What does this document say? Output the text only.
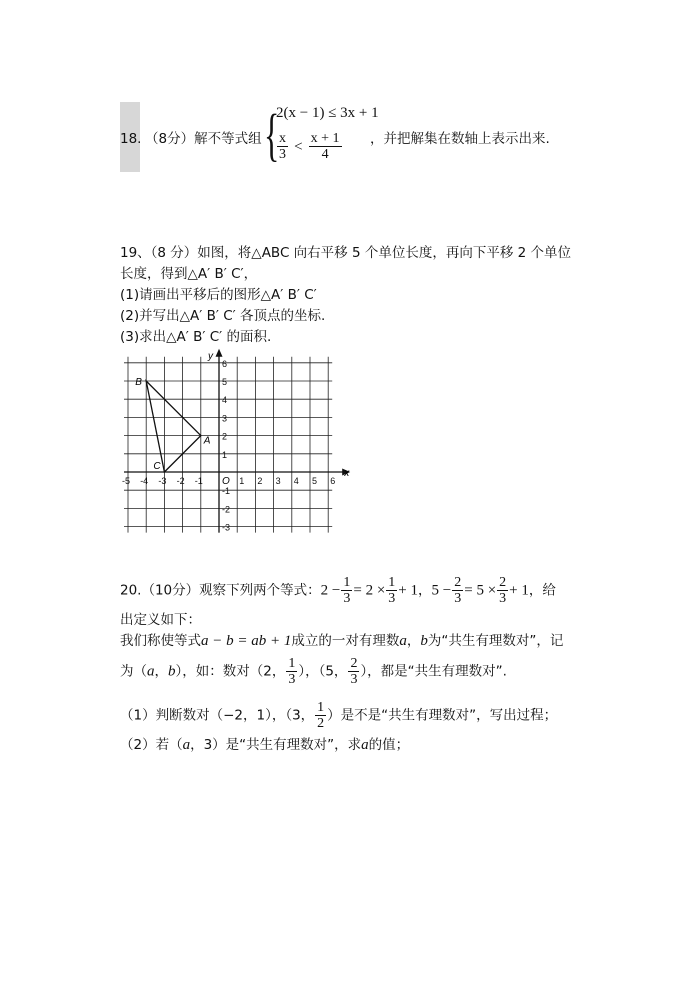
18. （8分）解不等式组 {
2(x − 1) ≤ 3x + 1
$\frac{x}{3} < \frac{x + 1}{4}$ ，并把解集在数轴上表示出来.
19、（8 分）如图，将△ABC 向右平移 5 个单位长度，再向下平移 2 个单位
长度，得到△A′ B′ C′，
(1)请画出平移后的图形△A′ B′ C′
(2)并写出△A′ B′ C′ 各顶点的坐标.
(3)求出△A′ B′ C′ 的面积.
-5 -4 -3 -2 -1	1 2 3 4 5 6
6
5
4
3
2
1
-1
-2
-3
x
y
O
A
B
C
20.（10分）观察下列两个等式：$2 - \frac{1}{3} = 2 \times \frac{1}{3} + 1$，$5 - \frac{2}{3} = 5 \times \frac{2}{3} + 1$，给
出定义如下：
我们称使等式a − b = ab + 1成立的一对有理数a，b为“共生有理数对”，记
为（a，b），如：数对（2， $\frac{1}{3}$ ），（5， $\frac{2}{3}$ ），都是“共生有理数对”.
（1）判断数对（−2，1），（3， $\frac{1}{2}$ ）是不是“共生有理数对”，写出过程；
（2）若（a，3）是“共生有理数对”，求a的值；
